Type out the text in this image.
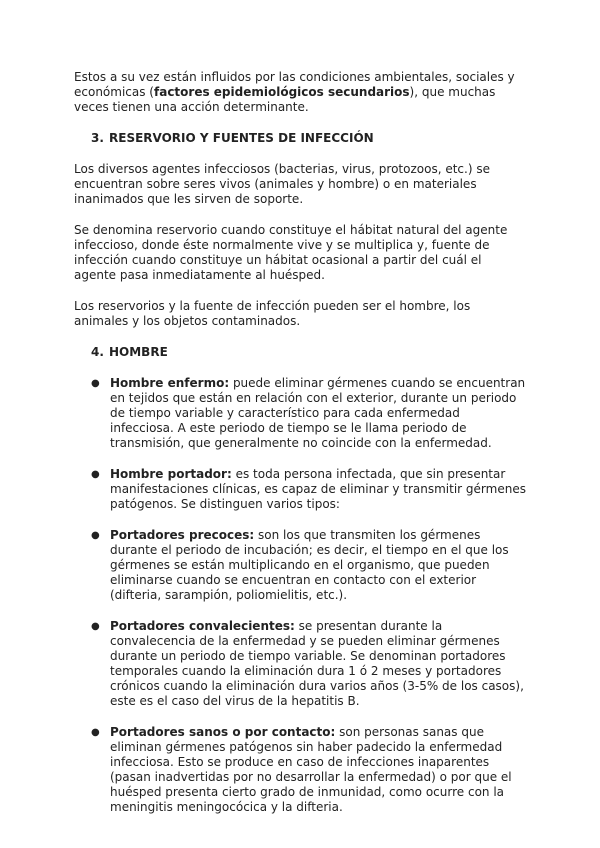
Estos a su vez están influidos por las condiciones ambientales, sociales y económicas (factores epidemiológicos secundarios), que muchas veces tienen una acción determinante.

3. RESERVORIO Y FUENTES DE INFECCIÓN

Los diversos agentes infecciosos (bacterias, virus, protozoos, etc.) se encuentran sobre seres vivos (animales y hombre) o en materiales inanimados que les sirven de soporte.

Se denomina reservorio cuando constituye el hábitat natural del agente infeccioso, donde éste normalmente vive y se multiplica y, fuente de infección cuando constituye un hábitat ocasional a partir del cuál el agente pasa inmediatamente al huésped.

Los reservorios y la fuente de infección pueden ser el hombre, los animales y los objetos contaminados.

4. HOMBRE
● Hombre enfermo: puede eliminar gérmenes cuando se encuentran en tejidos que están en relación con el exterior, durante un periodo de tiempo variable y característico para cada enfermedad infecciosa. A este periodo de tiempo se le llama periodo de transmisión, que generalmente no coincide con la enfermedad.
● Hombre portador: es toda persona infectada, que sin presentar manifestaciones clínicas, es capaz de eliminar y transmitir gérmenes patógenos. Se distinguen varios tipos:
● Portadores precoces: son los que transmiten los gérmenes durante el periodo de incubación; es decir, el tiempo en el que los gérmenes se están multiplicando en el organismo, que pueden eliminarse cuando se encuentran en contacto con el exterior (difteria, sarampión, poliomielitis, etc.).
● Portadores convalecientes: se presentan durante la convalecencia de la enfermedad y se pueden eliminar gérmenes durante un periodo de tiempo variable. Se denominan portadores temporales cuando la eliminación dura 1 ó 2 meses y portadores crónicos cuando la eliminación dura varios años (3-5% de los casos), este es el caso del virus de la hepatitis B.
● Portadores sanos o por contacto: son personas sanas que eliminan gérmenes patógenos sin haber padecido la enfermedad infecciosa. Esto se produce en caso de infecciones inaparentes (pasan inadvertidas por no desarrollar la enfermedad) o por que el huésped presenta cierto grado de inmunidad, como ocurre con la meningitis meningocócica y la difteria.
